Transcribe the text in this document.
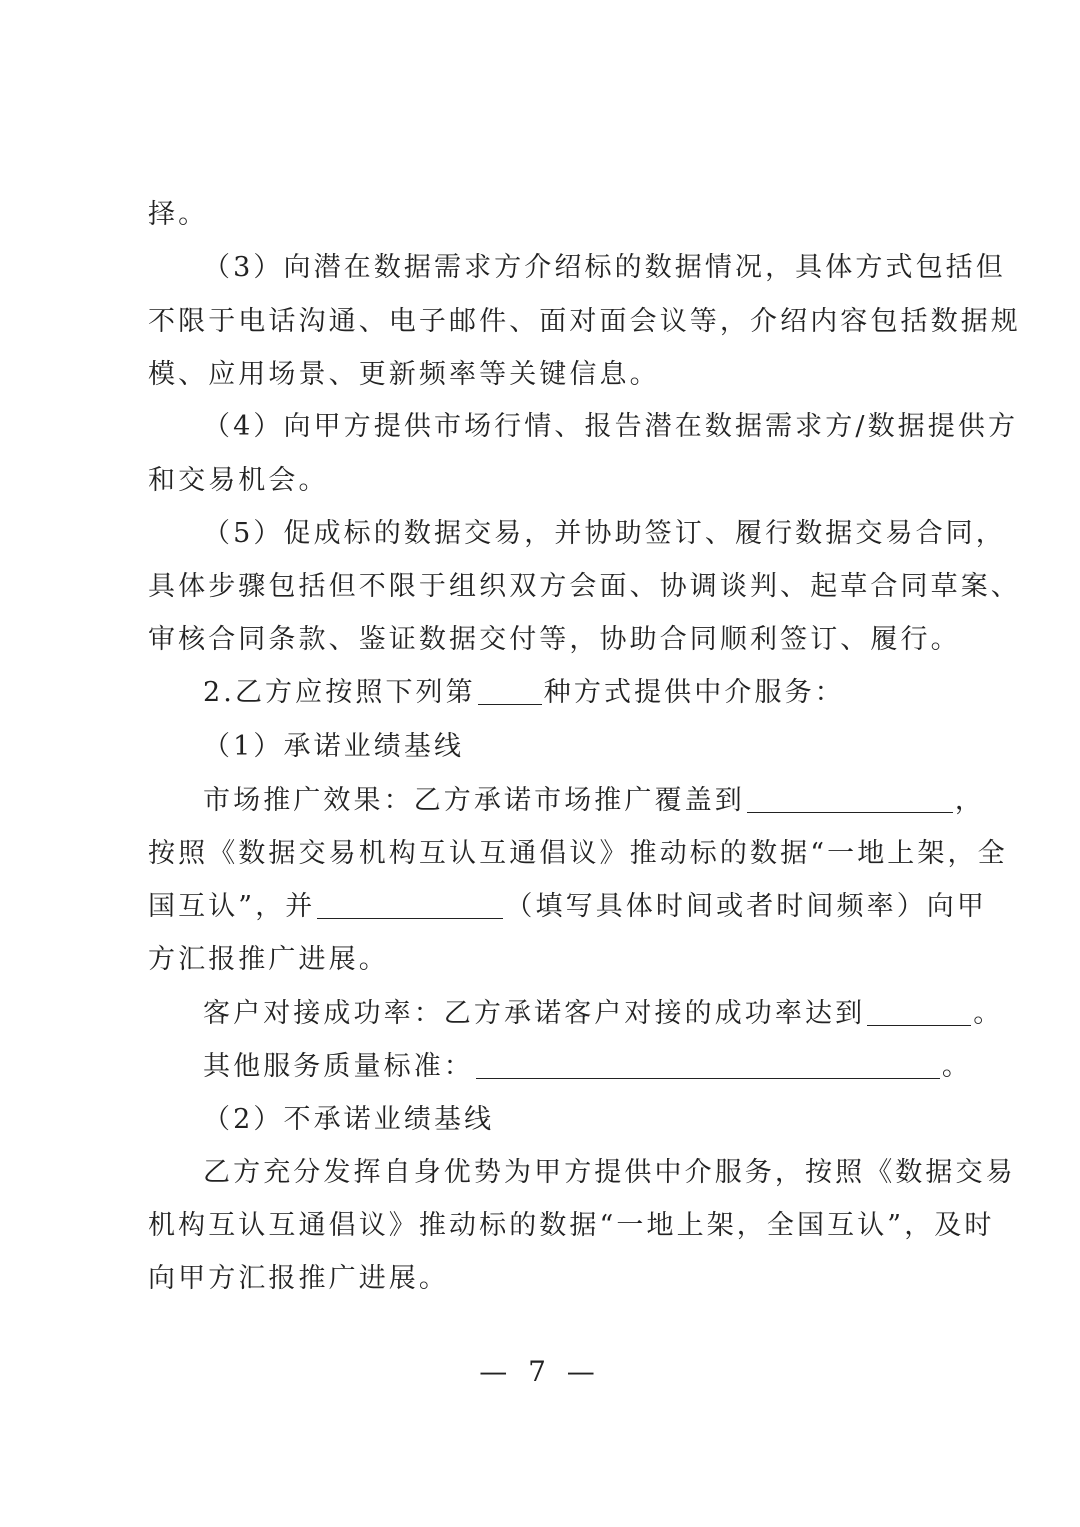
择。
（3）向潜在数据需求方介绍标的数据情况，具体方式包括但
不限于电话沟通、电子邮件、面对面会议等，介绍内容包括数据规
模、应用场景、更新频率等关键信息。
（4）向甲方提供市场行情、报告潜在数据需求方/数据提供方
和交易机会。
（5）促成标的数据交易，并协助签订、履行数据交易合同，
具体步骤包括但不限于组织双方会面、协调谈判、起草合同草案、
审核合同条款、鉴证数据交付等，协助合同顺利签订、履行。
2.乙方应按照下列第	种方式提供中介服务：
（1）承诺业绩基线
市场推广效果：乙方承诺市场推广覆盖到	，
按照《数据交易机构互认互通倡议》推动标的数据“一地上架，全
国互认”，并	（填写具体时间或者时间频率）向甲
方汇报推广进展。
客户对接成功率：乙方承诺客户对接的成功率达到	。
其他服务质量标准：	。
（2）不承诺业绩基线
乙方充分发挥自身优势为甲方提供中介服务，按照《数据交易
机构互认互通倡议》推动标的数据“一地上架，全国互认”，及时
向甲方汇报推广进展。
— 7 —
